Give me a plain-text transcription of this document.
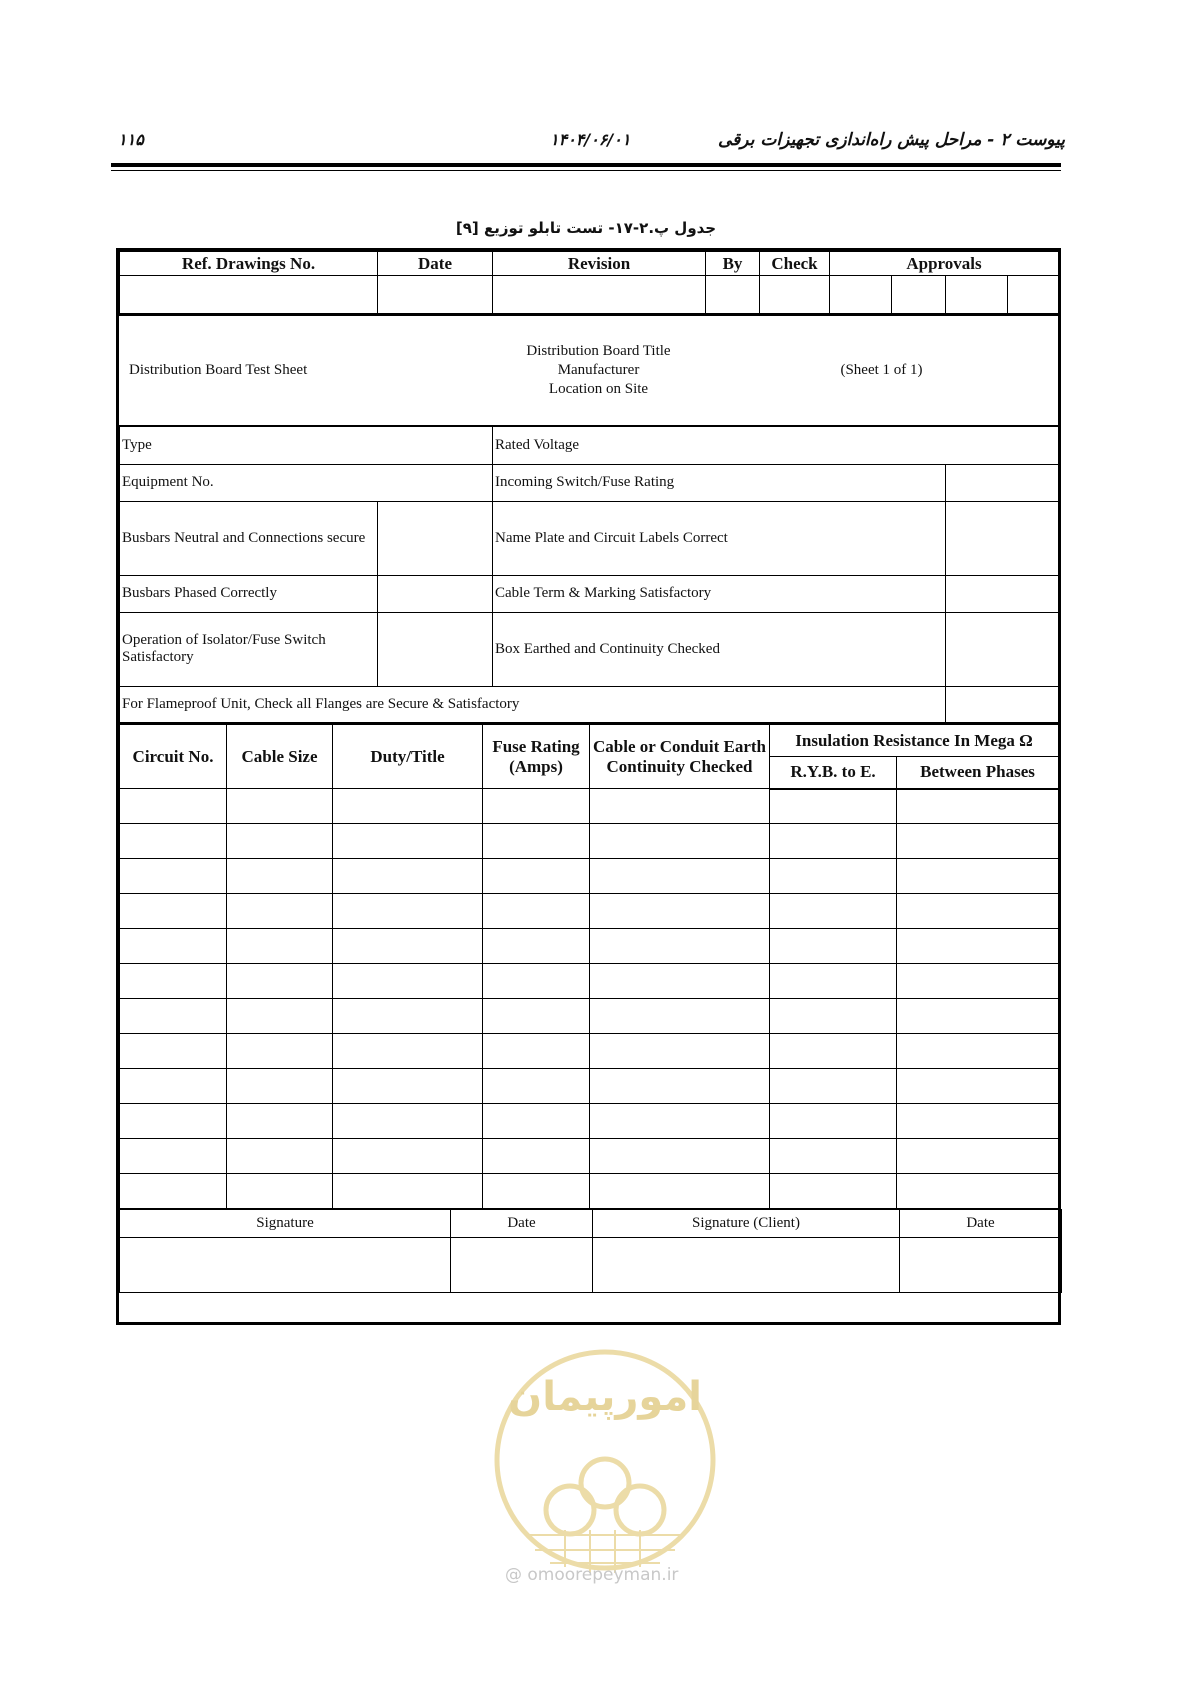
پیوست ۲ - مراحل پیش راه‌اندازی تجهیزات برقی
۱۴۰۴/۰۶/۰۱
۱۱۵
جدول پ.۲-۱۷- تست تابلو توزیع [۹]
Ref. Drawings No.	Date	Revision	By	Check	Approvals			

Distribution Board Test Sheet	
Distribution Board Title
Manufacturer
Location on Site
	(Sheet 1 of 1)
Type		Rated Voltage	
Equipment No.		Incoming Switch/Fuse Rating	
Busbars Neutral and Connections secure		Name Plate and Circuit Labels Correct	
Busbars Phased Correctly		Cable Term & Marking Satisfactory	
Operation of Isolator/Fuse Switch Satisfactory		Box Earthed and Continuity Checked	
For Flameproof Unit, Check all Flanges are Secure & Satisfactory			
Circuit No.	Cable Size	Duty/Title	Fuse Rating (Amps)	Cable or Conduit Earth Continuity Checked	Insulation Resistance In Mega Ω	
					R.Y.B. to E.	Between Phases

Signature	Date	Signature (Client)	Date

امورپیمان
@ omoorepeyman.ir
